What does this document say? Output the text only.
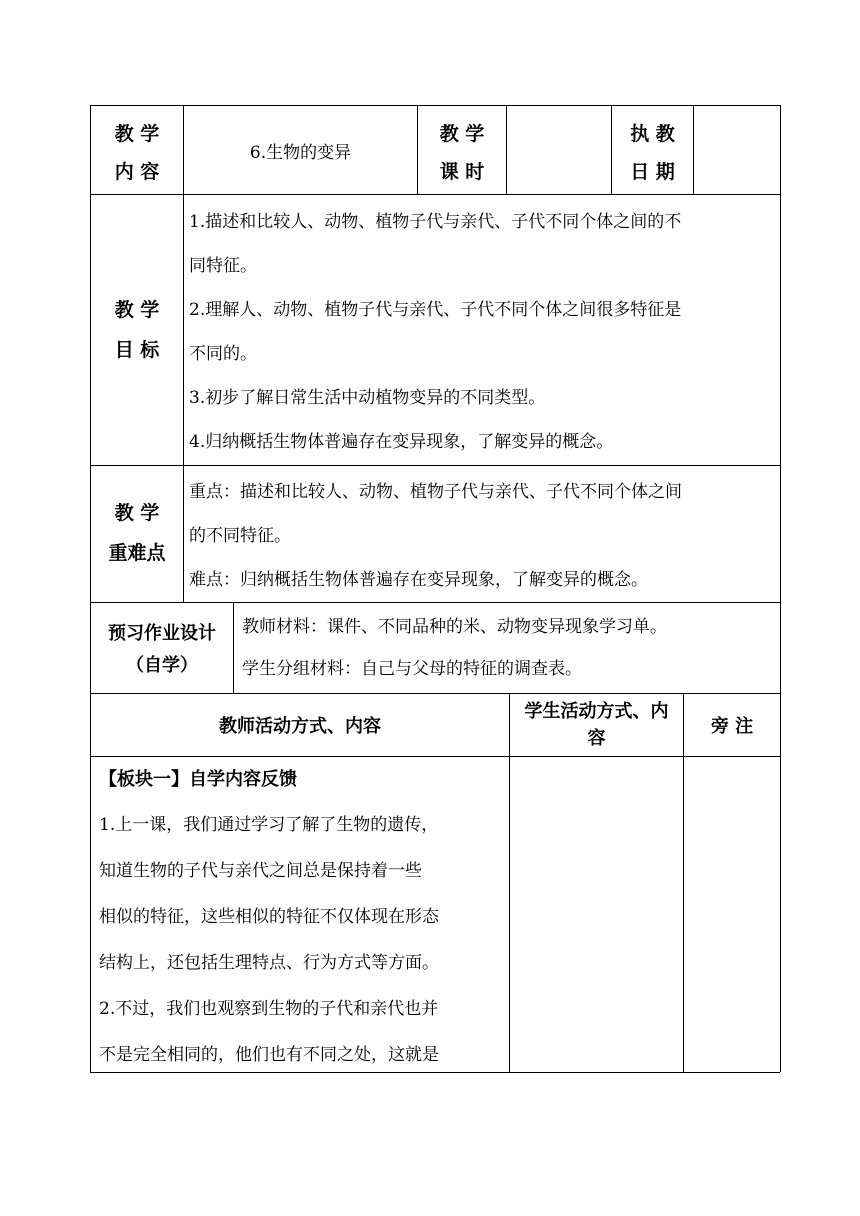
教 学

内 容

6.生物的变异

教 学

课 时

执 教

日 期

教 学

目 标

1.描述和比较人、动物、植物子代与亲代、子代不同个体之间的不

同特征。

2.理解人、动物、植物子代与亲代、子代不同个体之间很多特征是

不同的。

3.初步了解日常生活中动植物变异的不同类型。

4.归纳概括生物体普遍存在变异现象，了解变异的概念。

教 学

重难点

重点：描述和比较人、动物、植物子代与亲代、子代不同个体之间

的不同特征。

难点：归纳概括生物体普遍存在变异现象，了解变异的概念。

预习作业设计

（自学）

教师材料：课件、不同品种的米、动物变异现象学习单。

学生分组材料：自己与父母的特征的调查表。

教师活动方式、内容

学生活动方式、内

容

旁 注

【板块一】自学内容反馈

1.上一课，我们通过学习了解了生物的遗传，

知道生物的子代与亲代之间总是保持着一些

相似的特征，这些相似的特征不仅体现在形态

结构上，还包括生理特点、行为方式等方面。

2.不过，我们也观察到生物的子代和亲代也并

不是完全相同的，他们也有不同之处，这就是
